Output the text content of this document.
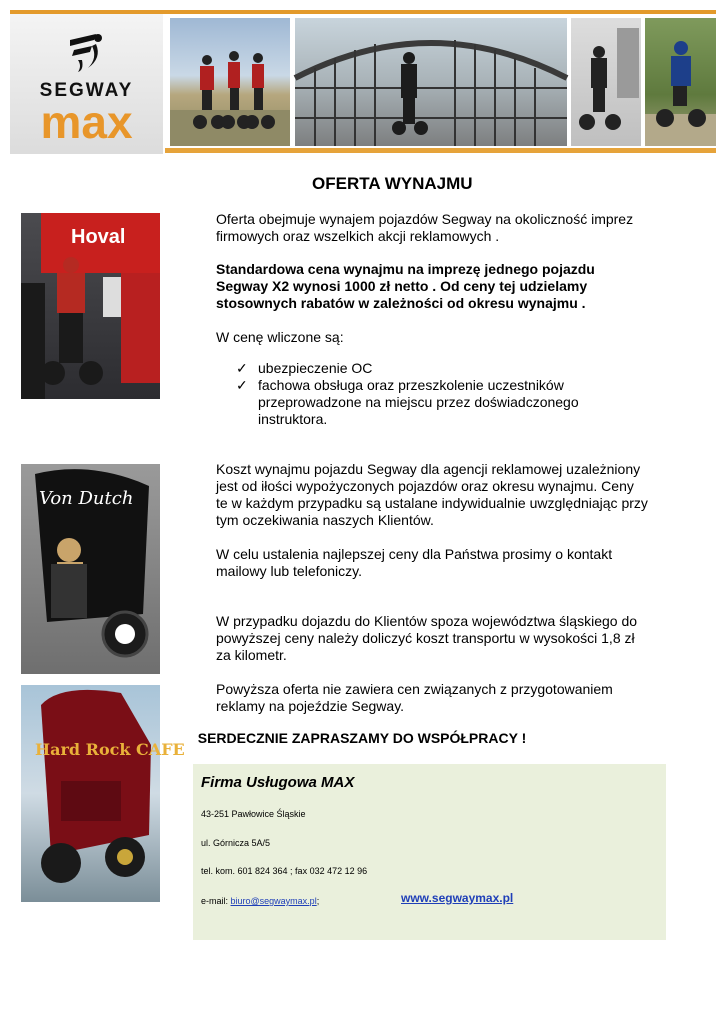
SEGWAY
max
Hoval
Von Dutch
Hard Rock CAFE
OFERTA WYNAJMU
Oferta obejmuje wynajem pojazdów Segway na okoliczność imprez firmowych oraz wszelkich akcji reklamowych .
Standardowa cena wynajmu na imprezę jednego pojazdu Segway X2 wynosi 1000 zł netto . Od ceny tej udzielamy stosownych rabatów w zależności od okresu wynajmu .
W cenę wliczone są:
✓ ubezpieczenie OC
✓ fachowa obsługa oraz przeszkolenie uczestników przeprowadzone na miejscu przez doświadczonego instruktora.
Koszt wynajmu pojazdu Segway dla agencji reklamowej uzależniony jest od iłości wypożyczonych pojazdów oraz okresu wynajmu. Ceny te w każdym przypadku są ustalane indywidualnie uwzględniając przy tym oczekiwania naszych Klientów.
W celu ustalenia najlepszej ceny dla Państwa prosimy o kontakt mailowy lub telefoniczy.
W przypadku dojazdu do Klientów spoza województwa śląskiego do powyższej ceny należy doliczyć koszt transportu w wysokości 1,8 zł za kilometr.
Powyższa oferta nie zawiera cen związanych z przygotowaniem reklamy na pojeździe Segway.
SERDECZNIE ZAPRASZAMY DO WSPÓŁPRACY !
Firma Usługowa MAX
43-251 Pawłowice Śląskie
ul. Górnicza 5A/5
tel. kom. 601 824 364 ; fax 032 472 12 96
e-mail: biuro@segwaymax.pl;	www.segwaymax.pl
